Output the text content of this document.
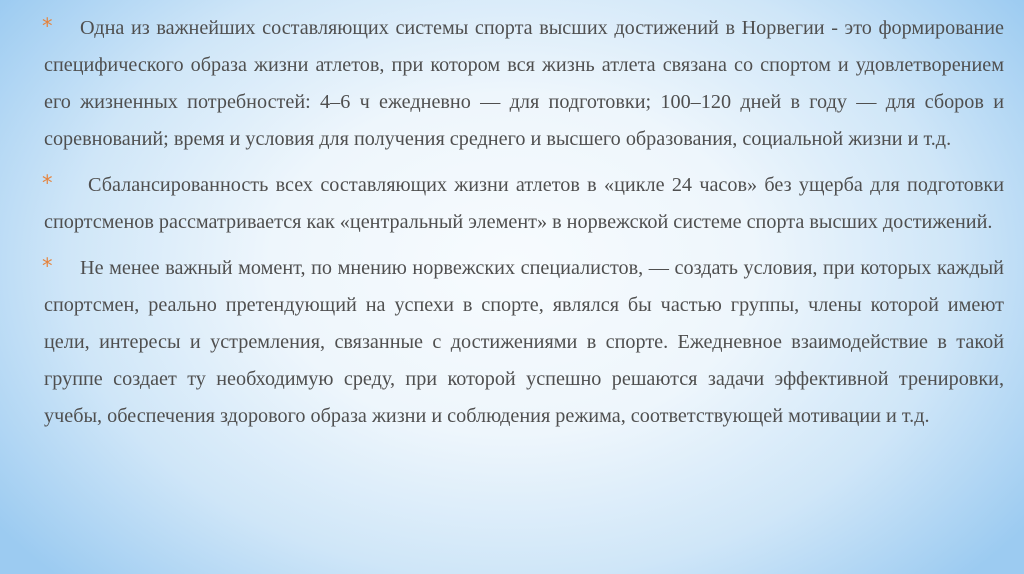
* Одна из важнейших составляющих системы спорта высших достижений в Норвегии - это формирование специфического образа жизни атлетов, при котором вся жизнь атлета связана со спортом и удовлетворением его жизненных потребностей: 4–6 ч ежедневно — для подготовки; 100–120 дней в году — для сборов и соревнований; время и условия для получения среднего и высшего образования, социальной жизни и т.д.
* Сбалансированность всех составляющих жизни атлетов в «цикле 24 часов» без ущерба для подготовки спортсменов рассматривается как «центральный элемент» в норвежской системе спорта высших достижений.
* Не менее важный момент, по мнению норвежских специалистов, — создать условия, при которых каждый спортсмен, реально претендующий на успехи в спорте, являлся бы частью группы, члены которой имеют цели, интересы и устремления, связанные с достижениями в спорте. Ежедневное взаимодействие в такой группе создает ту необходимую среду, при которой успешно решаются задачи эффективной тренировки, учебы, обеспечения здорового образа жизни и соблюдения режима, соответствующей мотивации и т.д.
